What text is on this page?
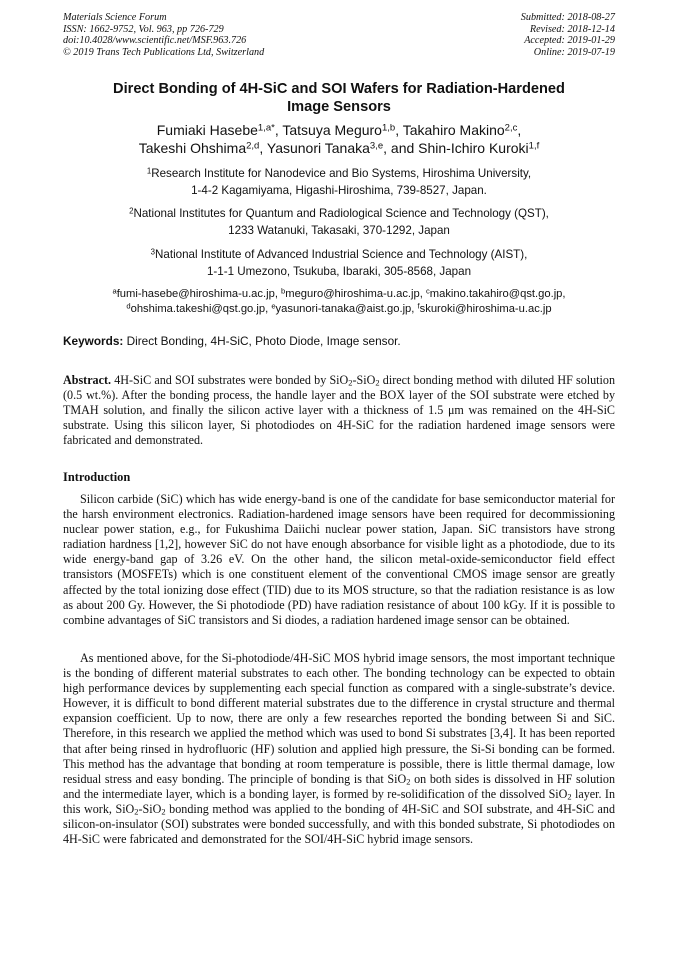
Materials Science Forum
ISSN: 1662-9752, Vol. 963, pp 726-729
doi:10.4028/www.scientific.net/MSF.963.726
© 2019 Trans Tech Publications Ltd, Switzerland
Submitted: 2018-08-27
Revised: 2018-12-14
Accepted: 2019-01-29
Online: 2019-07-19
Direct Bonding of 4H-SiC and SOI Wafers for Radiation-Hardened
Image Sensors
Fumiaki Hasebe$^{1,a*}$, Tatsuya Meguro$^{1,b}$, Takahiro Makino$^{2,c}$,
Takeshi Ohshima$^{2,d}$, Yasunori Tanaka$^{3,e}$, and Shin-Ichiro Kuroki$^{1,f}$
$^1$Research Institute for Nanodevice and Bio Systems, Hiroshima University,
1-4-2 Kagamiyama, Higashi-Hiroshima, 739-8527, Japan.
$^2$National Institutes for Quantum and Radiological Science and Technology (QST),
1233 Watanuki, Takasaki, 370-1292, Japan
$^3$National Institute of Advanced Industrial Science and Technology (AIST),
1-1-1 Umezono, Tsukuba, Ibaraki, 305-8568, Japan
$^a$fumi-hasebe@hiroshima-u.ac.jp, $^b$meguro@hiroshima-u.ac.jp, $^c$makino.takahiro@qst.go.jp,
$^d$ohshima.takeshi@qst.go.jp, $^e$yasunori-tanaka@aist.go.jp, $^f$skuroki@hiroshima-u.ac.jp
Keywords: Direct Bonding, 4H-SiC, Photo Diode, Image sensor.
Abstract. 4H-SiC and SOI substrates were bonded by SiO$_2$-SiO$_2$ direct bonding method with diluted HF solution (0.5 wt.%). After the bonding process, the handle layer and the BOX layer of the SOI substrate were etched by TMAH solution, and finally the silicon active layer with a thickness of 1.5 μm was remained on the 4H-SiC substrate. Using this silicon layer, Si photodiodes on 4H-SiC for the radiation hardened image sensors were fabricated and demonstrated.
Introduction
Silicon carbide (SiC) which has wide energy-band is one of the candidate for base semiconductor material for the harsh environment electronics. Radiation-hardened image sensors have been required for decommissioning nuclear power station, e.g., for Fukushima Daiichi nuclear power station, Japan. SiC transistors have strong radiation hardness [1,2], however SiC do not have enough absorbance for visible light as a photodiode, due to its wide energy-band gap of 3.26 eV. On the other hand, the silicon metal-oxide-semiconductor field effect transistors (MOSFETs) which is one constituent element of the conventional CMOS image sensor are greatly affected by the total ionizing dose effect (TID) due to its MOS structure, so that the radiation resistance is as low as about 200 Gy. However, the Si photodiode (PD) have radiation resistance of about 100 kGy. If it is possible to combine advantages of SiC transistors and Si diodes, a radiation hardened image sensor can be obtained.
As mentioned above, for the Si-photodiode/4H-SiC MOS hybrid image sensors, the most important technique is the bonding of different material substrates to each other. The bonding technology can be expected to obtain high performance devices by supplementing each special function as compared with a single-substrate’s device. However, it is difficult to bond different material substrates due to the difference in crystal structure and thermal expansion coefficient. Up to now, there are only a few researches reported the bonding between Si and SiC. Therefore, in this research we applied the method which was used to bond Si substrates [3,4]. It has been reported that after being rinsed in hydrofluoric (HF) solution and applied high pressure, the Si-Si bonding can be formed. This method has the advantage that bonding at room temperature is possible, there is little thermal damage, low residual stress and easy bonding. The principle of bonding is that SiO$_2$ on both sides is dissolved in HF solution and the intermediate layer, which is a bonding layer, is formed by re-solidification of the dissolved SiO$_2$ layer. In this work, SiO$_2$-SiO$_2$ bonding method was applied to the bonding of 4H-SiC and SOI substrate, and 4H-SiC and silicon-on-insulator (SOI) substrates were bonded successfully, and with this bonded substrate, Si photodiodes on 4H-SiC were fabricated and demonstrated for the SOI/4H-SiC hybrid image sensors.
